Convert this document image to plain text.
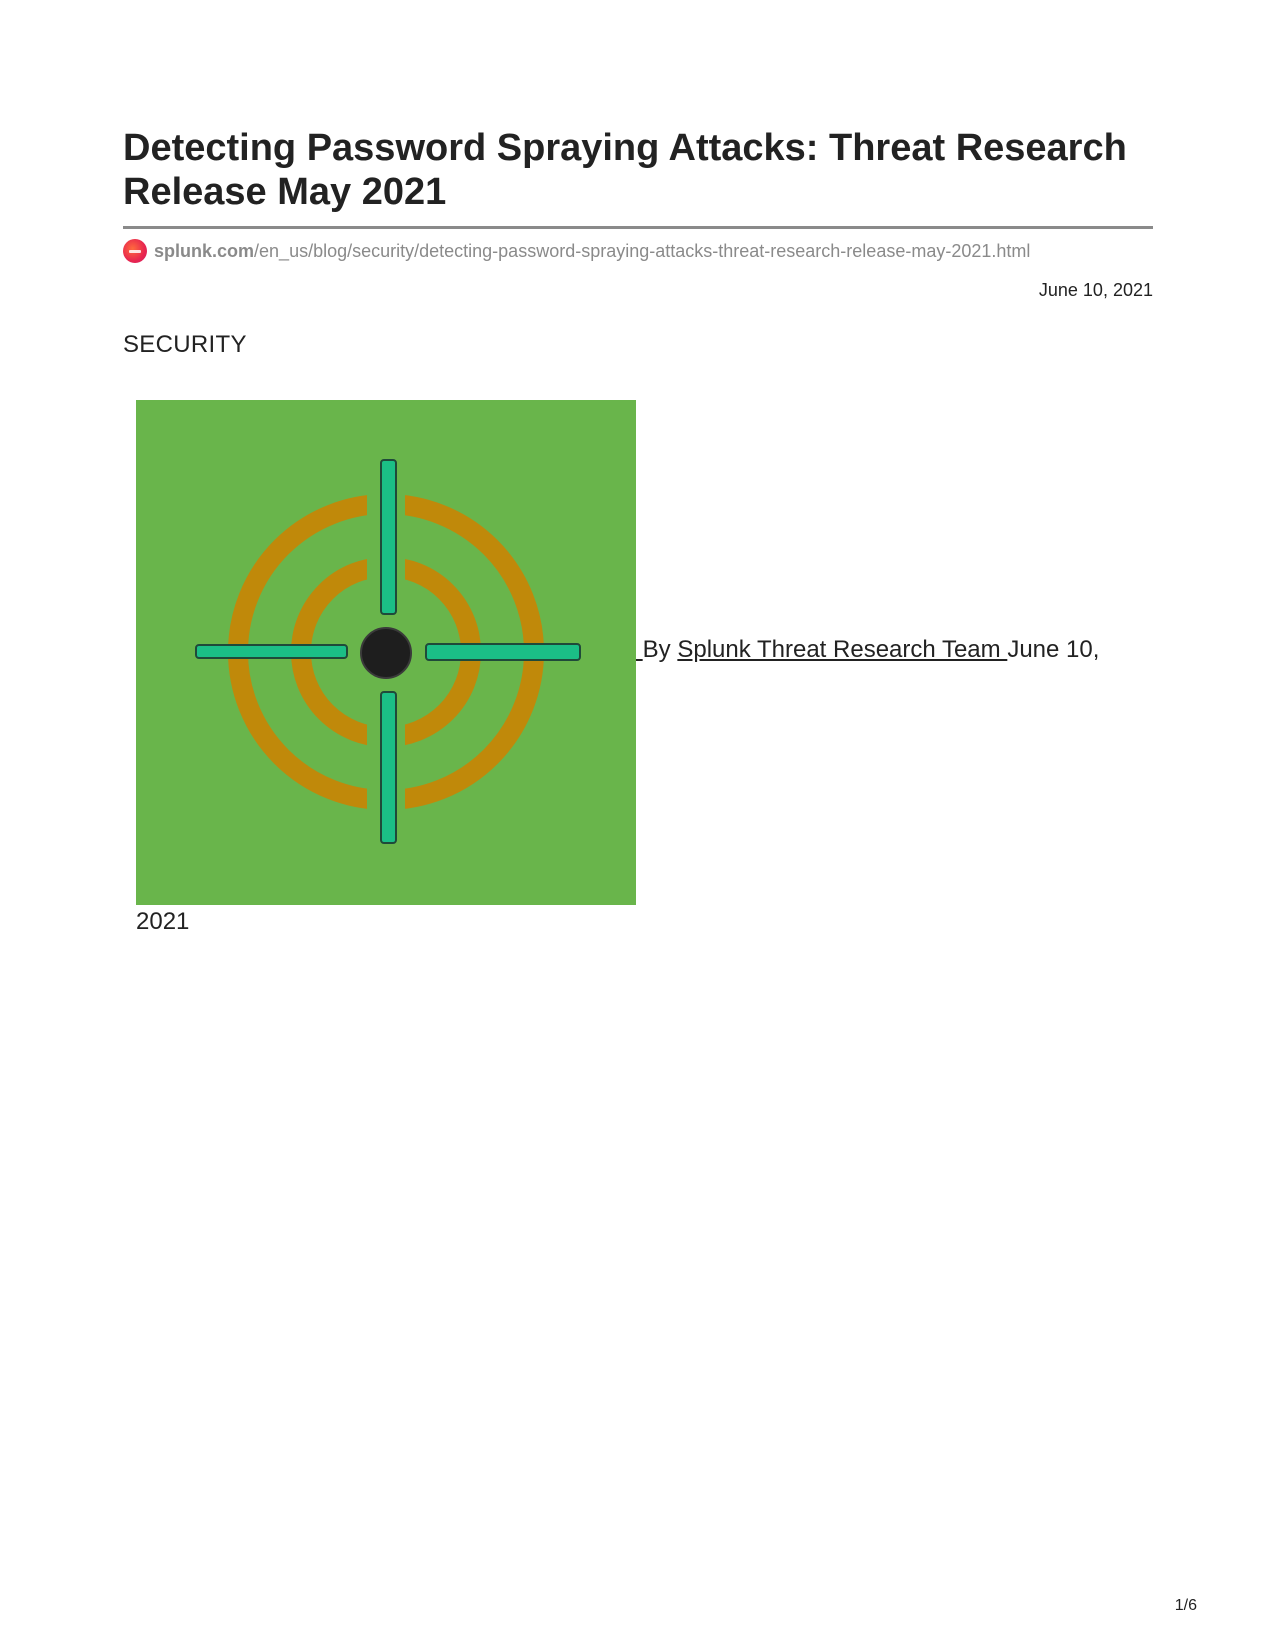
Detecting Password Spraying Attacks: Threat Research Release May 2021
splunk.com /en_us/blog/security/detecting-password-spraying-attacks-threat-research-release-may-2021.html
June 10, 2021
SECURITY
By Splunk Threat Research Team June 10,
2021
1/6
